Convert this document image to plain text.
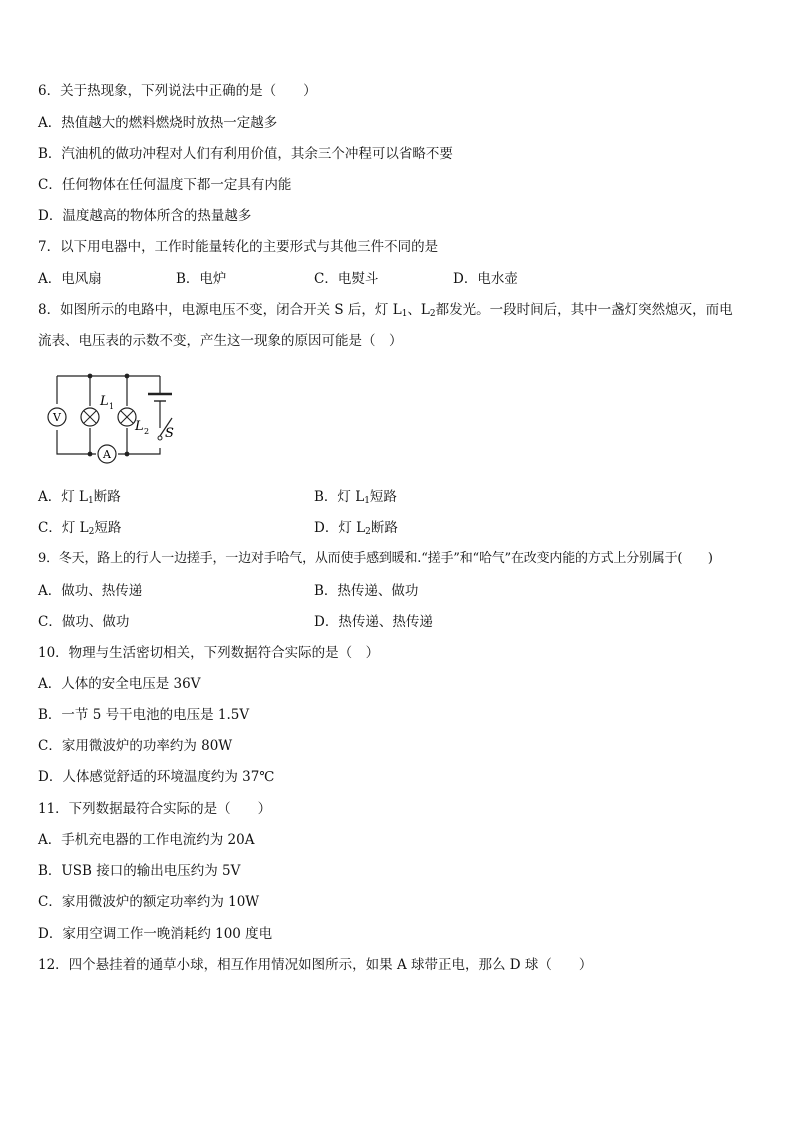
6．关于热现象，下列说法中正确的是（　　）
A．热值越大的燃料燃烧时放热一定越多
B．汽油机的做功冲程对人们有利用价值，其余三个冲程可以省略不要
C．任何物体在任何温度下都一定具有内能
D．温度越高的物体所含的热量越多
7．以下用电器中，工作时能量转化的主要形式与其他三件不同的是
A．电风扇	B．电炉	C．电熨斗	D．电水壶
8．如图所示的电路中，电源电压不变，闭合开关 S 后，灯 $L_1$、$L_2$都发光。一段时间后，其中一盏灯突然熄灭，而电
流表、电压表的示数不变，产生这一现象的原因可能是（　）
V
L 1
L 2 S
A
A．灯 $L_1$断路	B．灯 $L_1$短路
C．灯 $L_2$短路	D．灯 $L_2$断路
9．冬天，路上的行人一边搓手，一边对手哈气，从而使手感到暖和.“搓手”和“哈气”在改变内能的方式上分别属于(　　)
A．做功、热传递	B．热传递、做功
C．做功、做功	D．热传递、热传递
10．物理与生活密切相关，下列数据符合实际的是（　）
A．人体的安全电压是 36V
B．一节 5 号干电池的电压是 1.5V
C．家用微波炉的功率约为 80W
D．人体感觉舒适的环境温度约为 37℃
11．下列数据最符合实际的是（　　）
A．手机充电器的工作电流约为 20A
B．USB 接口的输出电压约为 5V
C．家用微波炉的额定功率约为 10W
D．家用空调工作一晚消耗约 100 度电
12．四个悬挂着的通草小球，相互作用情况如图所示，如果 A 球带正电，那么 D 球（　　）
